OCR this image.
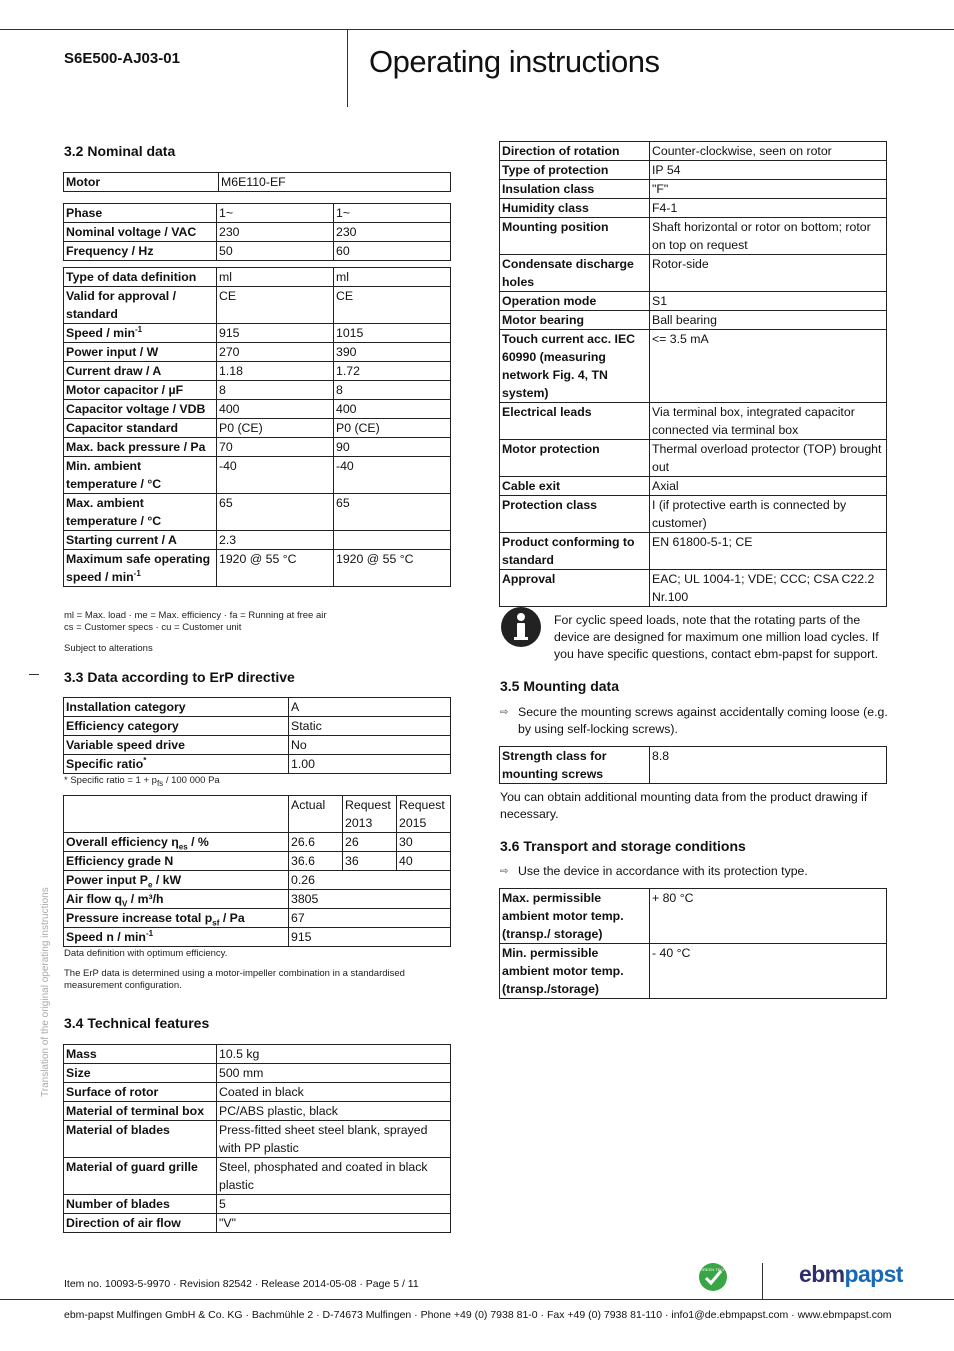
S6E500-AJ03-01	Operating instructions
3.2 Nominal data
Motor	M6E110-EF
Phase	1~	1~
Nominal voltage / VAC	230	230
Frequency / Hz	50	60
Type of data definition	ml	ml
Valid for approval / standard	CE	CE
Speed / $\min^{-1}$	915	1015
Power input / W	270	390
Current draw / A	1.18	1.72
Motor capacitor / µF	8	8
Capacitor voltage / VDB	400	400
Capacitor standard	P0 (CE)	P0 (CE)
Max. back pressure / Pa	70	90
Min. ambient temperature / °C	-40	-40
Max. ambient temperature / °C	65	65
Starting current / A	2.3	
Maximum safe operating speed / $\min^{-1}$	1920 @ 55 °C	1920 @ 55 °C
ml = Max. load · me = Max. efficiency · fa = Running at free air
cs = Customer specs · cu = Customer unit
Subject to alterations
3.3 Data according to ErP directive
Installation category	A
Efficiency category	Static
Variable speed drive	No
Specific ratio*	1.00
* Specific ratio = $1 + p_{fs} / 100$ 000 Pa
	Actual	Request 2013	Request 2015
Overall efficiency $\eta_{es}$ / %	26.6	26	30
Efficiency grade N	36.6	36	40
Power input $P_e$ / kW	0.26		
Air flow $q_V / m^3/h$	3805		
Pressure increase total $p_{sf}$ / Pa	67		
Speed n / $\min^{-1}$	915		
Data definition with optimum efficiency.
The ErP data is determined using a motor-impeller combination in a standardised measurement configuration.
3.4 Technical features
Mass	10.5 kg
Size	500 mm
Surface of rotor	Coated in black
Material of terminal box	PC/ABS plastic, black
Material of blades	Press-fitted sheet steel blank, sprayed with PP plastic
Material of guard grille	Steel, phosphated and coated in black plastic
Number of blades	5
Direction of air flow	"V"
Direction of rotation	Counter-clockwise, seen on rotor
Type of protection	IP 54
Insulation class	"F"
Humidity class	F4-1
Mounting position	Shaft horizontal or rotor on bottom; rotor on top on request
Condensate discharge holes	Rotor-side
Operation mode	S1
Motor bearing	Ball bearing
Touch current acc. IEC 60990 (measuring network Fig. 4, TN system)	<= 3.5 mA
Electrical leads	Via terminal box, integrated capacitor connected via terminal box
Motor protection	Thermal overload protector (TOP) brought out
Cable exit	Axial
Protection class	I (if protective earth is connected by customer)
Product conforming to standard	EN 61800-5-1; CE
Approval	EAC; UL 1004-1; VDE; CCC; CSA C22.2 Nr.100
For cyclic speed loads, note that the rotating parts of the device are designed for maximum one million load cycles. If you have specific questions, contact ebm-papst for support.
3.5 Mounting data
⇨ Secure the mounting screws against accidentally coming loose (e.g. by using self-locking screws).
Strength class for mounting screws	8.8
You can obtain additional mounting data from the product drawing if necessary.
3.6 Transport and storage conditions
⇨ Use the device in accordance with its protection type.
Max. permissible ambient motor temp. (transp./ storage)	+ 80 °C
Min. permissible ambient motor temp. (transp./storage)	- 40 °C
Translation of the original operating instructions
Item no. 10093-5-9970 · Revision 82542 · Release 2014-05-08 · Page 5 / 11
GREEN TECH	ebmpapst
ebm-papst Mulfingen GmbH & Co. KG · Bachmühle 2 · D-74673 Mulfingen · Phone +49 (0) 7938 81-0 · Fax +49 (0) 7938 81-110 · info1@de.ebmpapst.com · www.ebmpapst.com
